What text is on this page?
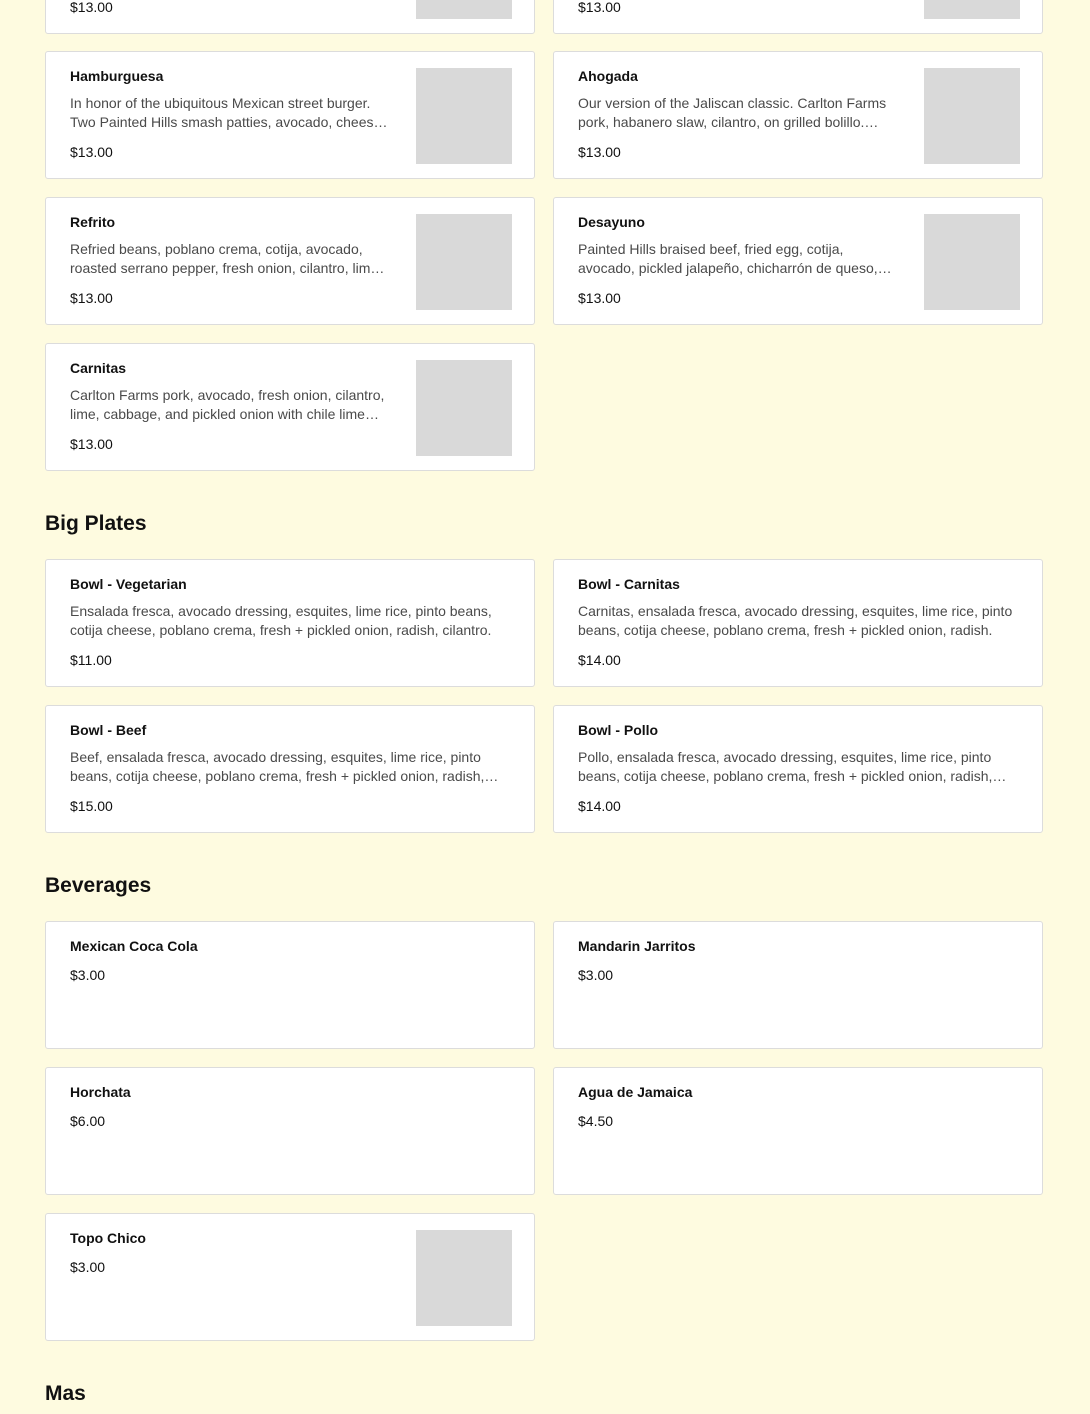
$13.00	$13.00
Hamburguesa
In honor of the ubiquitous Mexican street burger. Two Painted Hills smash patties, avocado, cheese,
$13.00
Ahogada
Our version of the Jaliscan classic. Carlton Farms pork, habanero slaw, cilantro, on grilled bolillo.
$13.00
Refrito
Refried beans, poblano crema, cotija, avocado, roasted serrano pepper, fresh onion, cilantro, lime,
$13.00
Desayuno
Painted Hills braised beef, fried egg, cotija, avocado, pickled jalapeño, chicharrón de queso,
$13.00
Carnitas
Carlton Farms pork, avocado, fresh onion, cilantro, lime, cabbage, and pickled onion with chile lime
$13.00
Big Plates
Bowl - Vegetarian
Ensalada fresca, avocado dressing, esquites, lime rice, pinto beans, cotija cheese, poblano crema, fresh + pickled onion, radish, cilantro.
$11.00
Bowl - Carnitas
Carnitas, ensalada fresca, avocado dressing, esquites, lime rice, pinto beans, cotija cheese, poblano crema, fresh + pickled onion, radish.
$14.00
Bowl - Beef
Beef, ensalada fresca, avocado dressing, esquites, lime rice, pinto beans, cotija cheese, poblano crema, fresh + pickled onion, radish,
$15.00
Bowl - Pollo
Pollo, ensalada fresca, avocado dressing, esquites, lime rice, pinto beans, cotija cheese, poblano crema, fresh + pickled onion, radish,
$14.00
Beverages
Mexican Coca Cola
$3.00
Mandarin Jarritos
$3.00
Horchata
$6.00
Agua de Jamaica
$4.50
Topo Chico
$3.00
Mas
